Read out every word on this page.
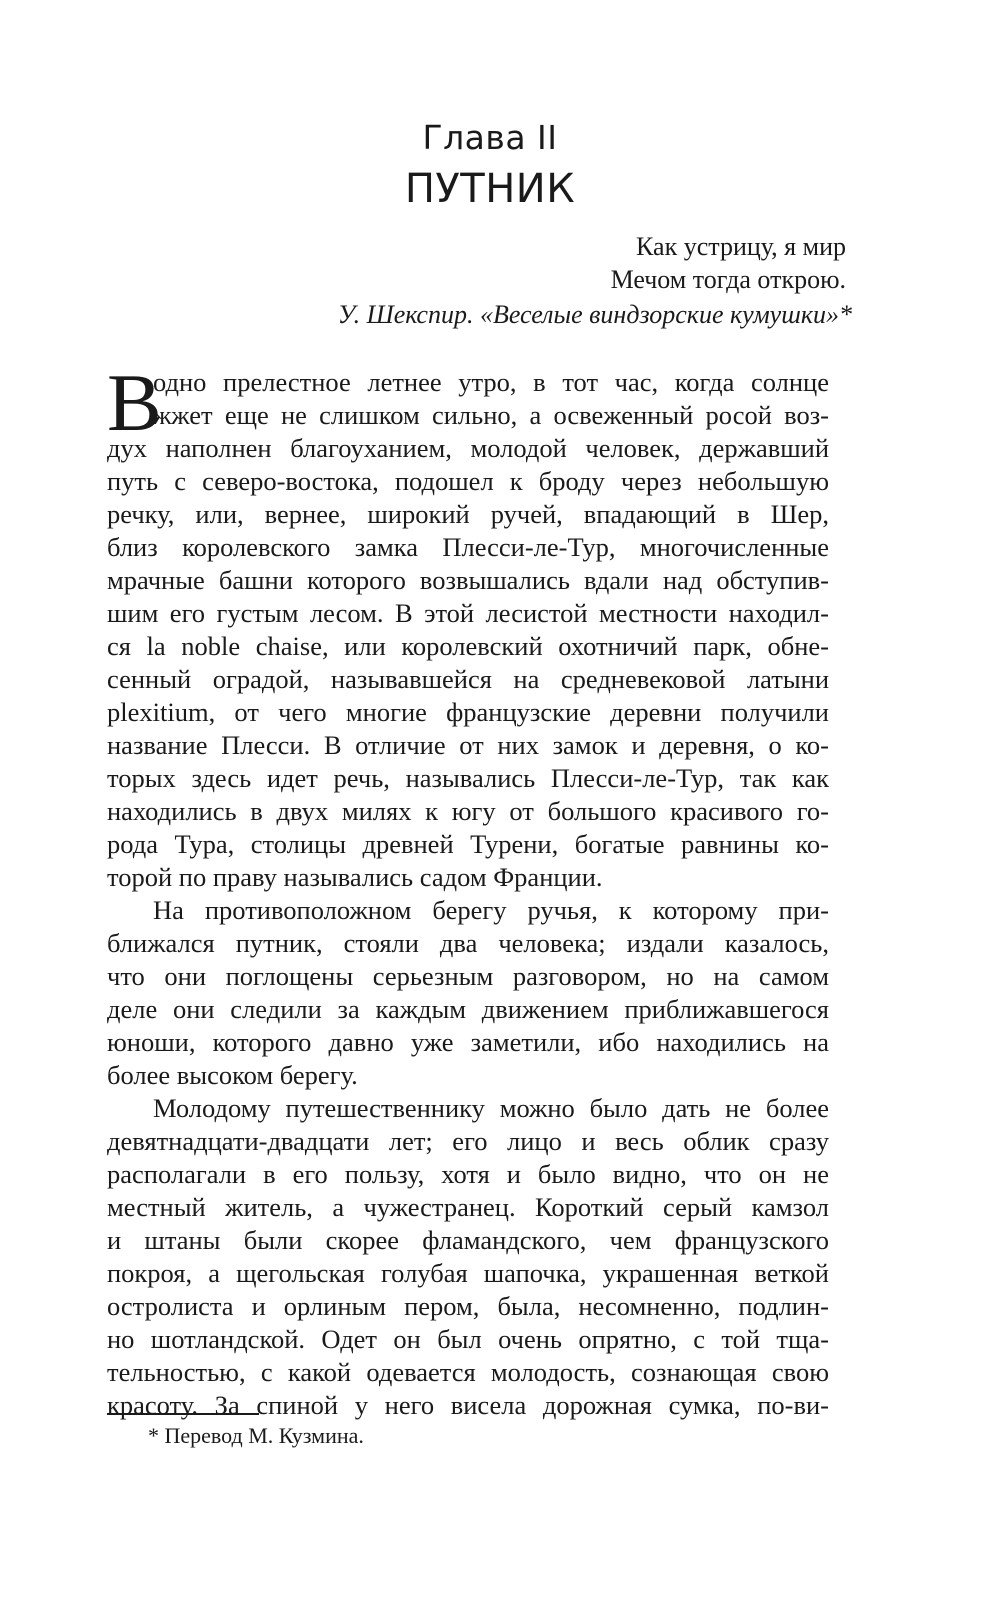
Глава II
ПУТНИК
Как устрицу, я мир
Мечом тогда открою.
У. Шекспир. «Веселые виндзорские кумушки»*
В
одно прелестное летнее утро, в тот час, когда солнце
жжет еще не слишком сильно, а освеженный росой воз-
дух наполнен благоуханием, молодой человек, державший
путь с северо-востока, подошел к броду через небольшую
речку, или, вернее, широкий ручей, впадающий в Шер,
близ королевского замка Плесси-ле-Тур, многочисленные
мрачные башни которого возвышались вдали над обступив-
шим его густым лесом. В этой лесистой местности находил-
ся la noble chaise, или королевский охотничий парк, обне-
сенный оградой, называвшейся на средневековой латыни
plexitium, от чего многие французские деревни получили
название Плесси. В отличие от них замок и деревня, о ко-
торых здесь идет речь, назывались Плесси-ле-Тур, так как
находились в двух милях к югу от большого красивого го-
рода Тура, столицы древней Турени, богатые равнины ко-
торой по праву назывались садом Франции.
На противоположном берегу ручья, к которому при-
ближался путник, стояли два человека; издали казалось,
что они поглощены серьезным разговором, но на самом
деле они следили за каждым движением приближавшегося
юноши, которого давно уже заметили, ибо находились на
более высоком берегу.
Молодому путешественнику можно было дать не более
девятнадцати-двадцати лет; его лицо и весь облик сразу
располагали в его пользу, хотя и было видно, что он не
местный житель, а чужестранец. Короткий серый камзол
и штаны были скорее фламандского, чем французского
покроя, а щегольская голубая шапочка, украшенная веткой
остролиста и орлиным пером, была, несомненно, подлин-
но шотландской. Одет он был очень опрятно, с той тща-
тельностью, с какой одевается молодость, сознающая свою
красоту. За спиной у него висела дорожная сумка, по-ви-
* Перевод М. Кузмина.
